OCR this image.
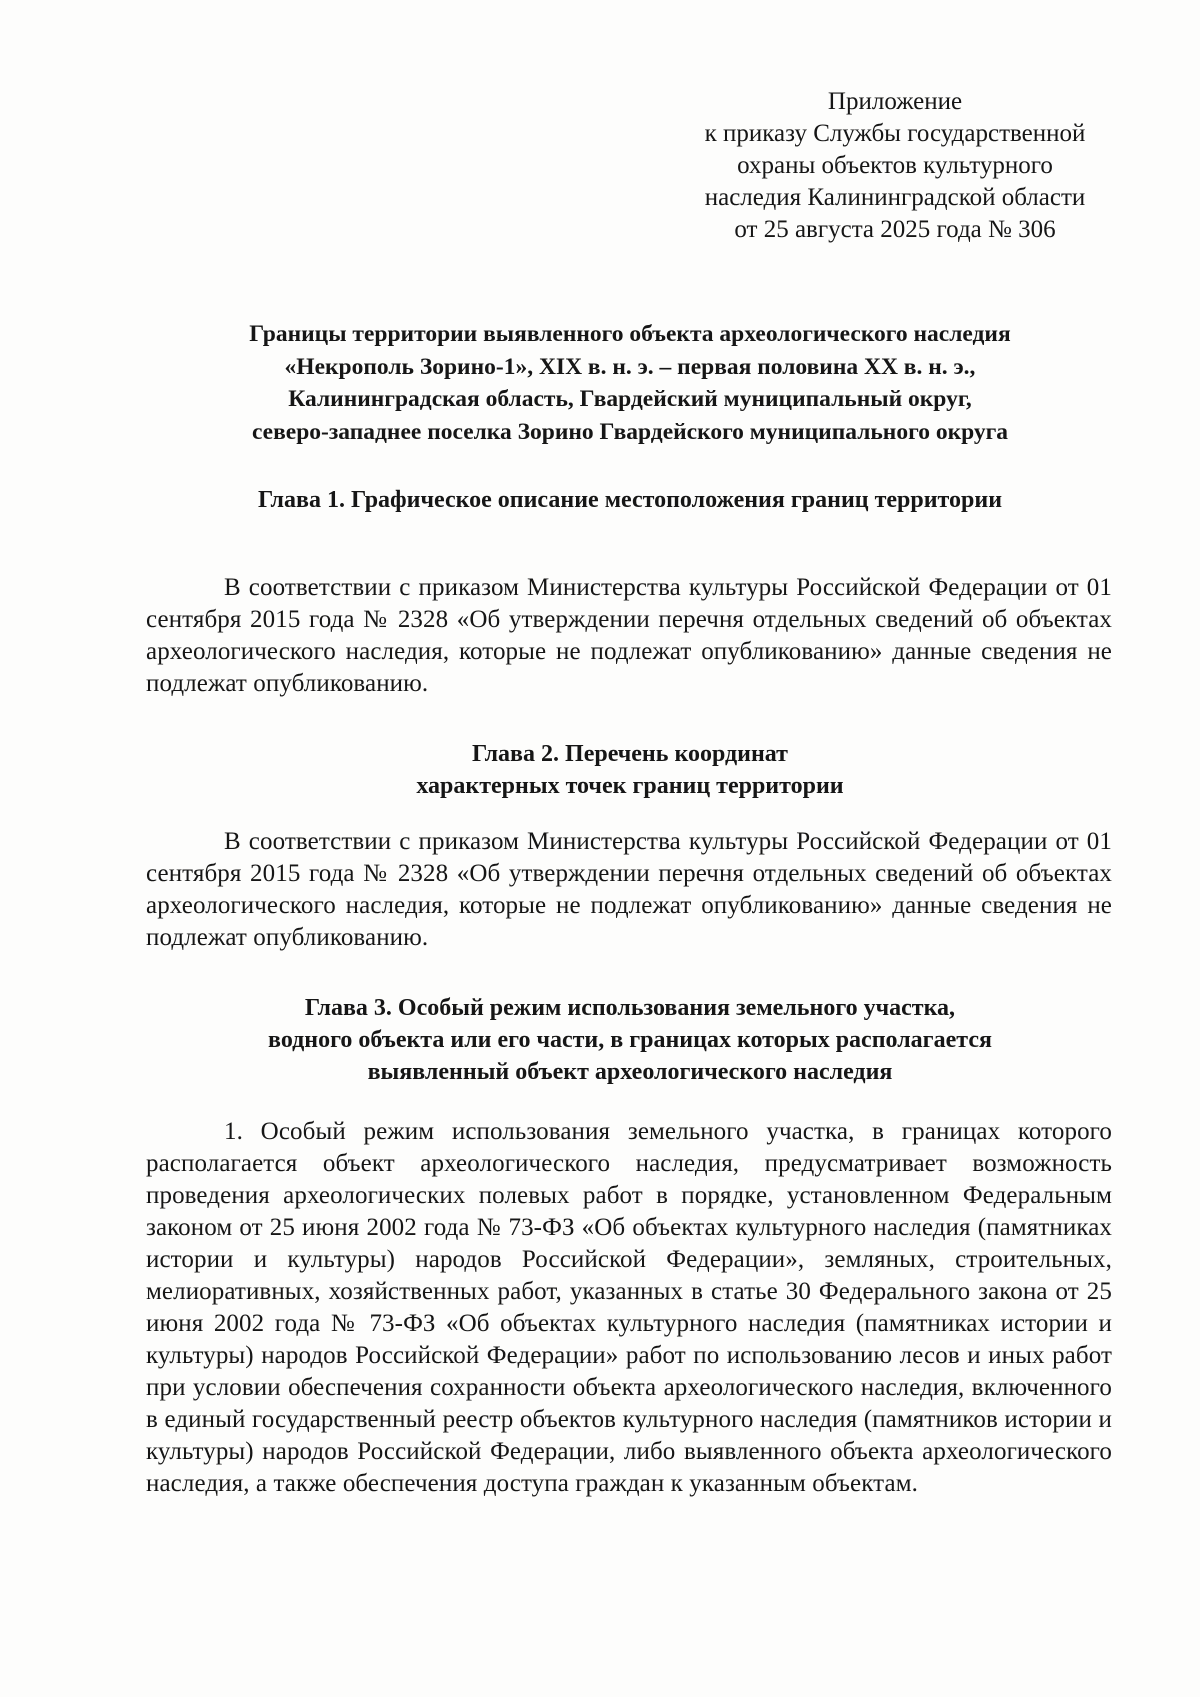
Приложение
к приказу Службы государственной
охраны объектов культурного
наследия Калининградской области
от 25 августа 2025 года № 306
Границы территории выявленного объекта археологического наследия
«Некрополь Зорино-1», XIX в. н. э. – первая половина XX в. н. э.,
Калининградская область, Гвардейский муниципальный округ,
северо-западнее поселка Зорино Гвардейского муниципального округа
Глава 1. Графическое описание местоположения границ территории

В соответствии с приказом Министерства культуры Российской Федерации от 01 сентября 2015 года № 2328 «Об утверждении перечня отдельных сведений об объектах археологического наследия, которые не подлежат опубликованию» данные сведения не подлежат опубликованию.

Глава 2. Перечень координат
характерных точек границ территории

В соответствии с приказом Министерства культуры Российской Федерации от 01 сентября 2015 года № 2328 «Об утверждении перечня отдельных сведений об объектах археологического наследия, которые не подлежат опубликованию» данные сведения не подлежат опубликованию.

Глава 3. Особый режим использования земельного участка,
водного объекта или его части, в границах которых располагается
выявленный объект археологического наследия

1. Особый режим использования земельного участка, в границах которого располагается объект археологического наследия, предусматривает возможность проведения археологических полевых работ в порядке, установленном Федеральным законом от 25 июня 2002 года № 73-ФЗ «Об объектах культурного наследия (памятниках истории и культуры) народов Российской Федерации», земляных, строительных, мелиоративных, хозяйственных работ, указанных в статье 30 Федерального закона от 25 июня 2002 года № 73-ФЗ «Об объектах культурного наследия (памятниках истории и культуры) народов Российской Федерации» работ по использованию лесов и иных работ при условии обеспечения сохранности объекта археологического наследия, включенного в единый государственный реестр объектов культурного наследия (памятников истории и культуры) народов Российской Федерации, либо выявленного объекта археологического наследия, а также обеспечения доступа граждан к указанным объектам.
